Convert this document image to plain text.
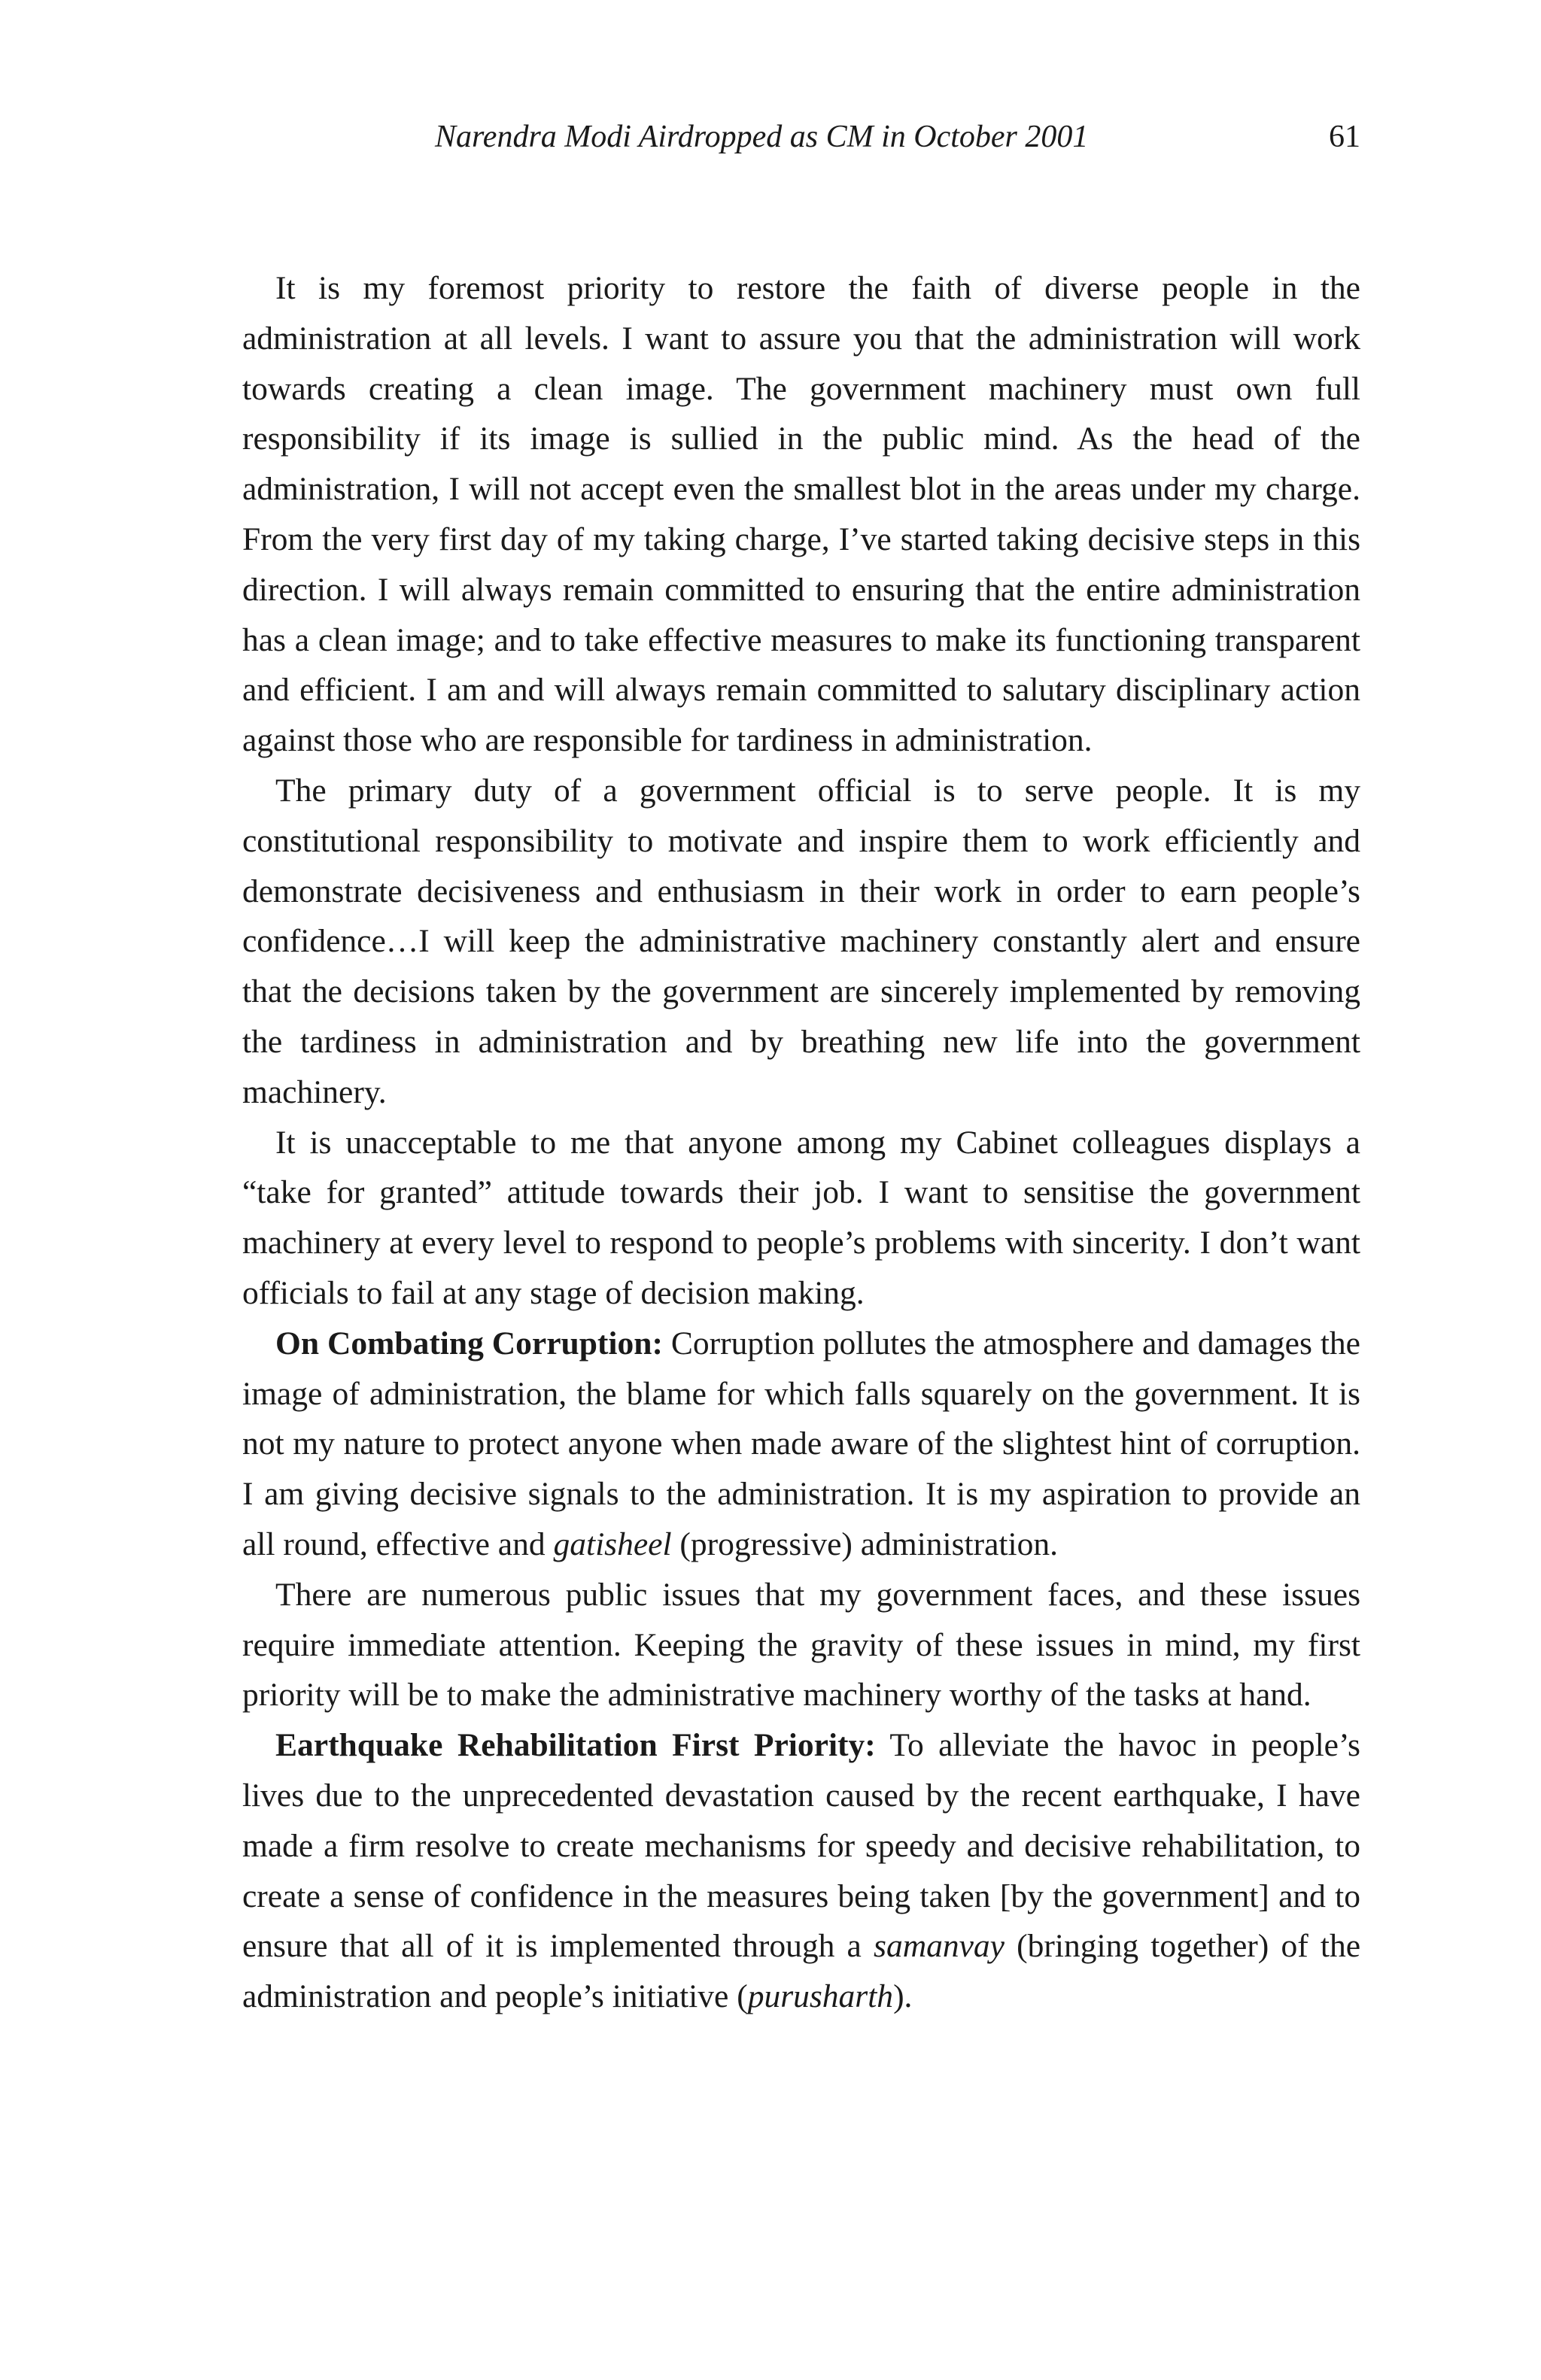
Narendra Modi Airdropped as CM in October 2001	61

It is my foremost priority to restore the faith of diverse people in the administration at all levels. I want to assure you that the administration will work towards creating a clean image. The government machinery must own full responsibility if its image is sullied in the public mind. As the head of the administration, I will not accept even the smallest blot in the areas under my charge. From the very first day of my taking charge, I’ve started taking decisive steps in this direction. I will always remain committed to ensuring that the entire administration has a clean image; and to take effective measures to make its functioning transparent and efficient. I am and will always remain committed to salutary disciplinary action against those who are responsible for tardiness in administration.

The primary duty of a government official is to serve people. It is my constitutional responsibility to motivate and inspire them to work efficiently and demonstrate decisiveness and enthusiasm in their work in order to earn people’s confidence…I will keep the administrative machinery constantly alert and ensure that the decisions taken by the government are sincerely implemented by removing the tardiness in administration and by breathing new life into the government machinery.

It is unacceptable to me that anyone among my Cabinet colleagues displays a “take for granted” attitude towards their job. I want to sensitise the government machinery at every level to respond to people’s problems with sincerity. I don’t want officials to fail at any stage of decision making.

On Combating Corruption: Corruption pollutes the atmosphere and damages the image of administration, the blame for which falls squarely on the government. It is not my nature to protect anyone when made aware of the slightest hint of corruption. I am giving decisive signals to the administration. It is my aspiration to provide an all round, effective and gatisheel (progressive) administration.

There are numerous public issues that my government faces, and these issues require immediate attention. Keeping the gravity of these issues in mind, my first priority will be to make the administrative machinery worthy of the tasks at hand.

Earthquake Rehabilitation First Priority: To alleviate the havoc in people’s lives due to the unprecedented devastation caused by the recent earthquake, I have made a firm resolve to create mechanisms for speedy and decisive rehabilitation, to create a sense of confidence in the measures being taken [by the government] and to ensure that all of it is implemented through a samanvay (bringing together) of the administration and people’s initiative (purusharth).
